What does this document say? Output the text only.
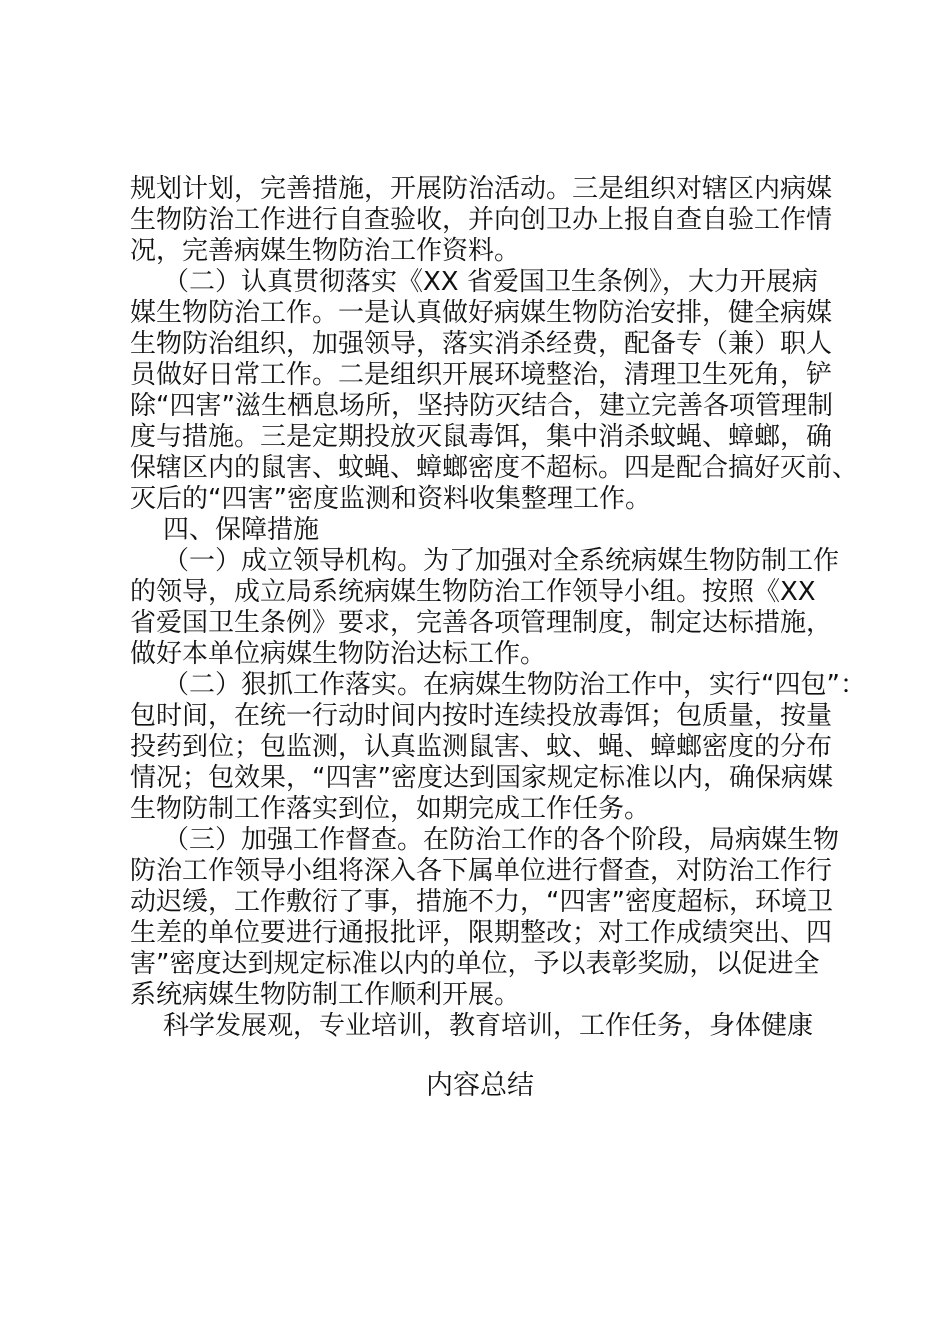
规划计划，完善措施，开展防治活动。三是组织对辖区内病媒
生物防治工作进行自查验收，并向创卫办上报自查自验工作情
况，完善病媒生物防治工作资料。
（二）认真贯彻落实《XX 省爱国卫生条例》，大力开展病
媒生物防治工作。一是认真做好病媒生物防治安排，健全病媒
生物防治组织，加强领导，落实消杀经费，配备专（兼）职人
员做好日常工作。二是组织开展环境整治，清理卫生死角，铲
除“四害”滋生栖息场所，坚持防灭结合，建立完善各项管理制
度与措施。三是定期投放灭鼠毒饵，集中消杀蚊蝇、蟑螂，确
保辖区内的鼠害、蚊蝇、蟑螂密度不超标。四是配合搞好灭前、
灭后的“四害”密度监测和资料收集整理工作。
四、保障措施
（一）成立领导机构。为了加强对全系统病媒生物防制工作
的领导，成立局系统病媒生物防治工作领导小组。按照《XX
省爱国卫生条例》要求，完善各项管理制度，制定达标措施，
做好本单位病媒生物防治达标工作。
（二）狠抓工作落实。在病媒生物防治工作中，实行“四包”：
包时间，在统一行动时间内按时连续投放毒饵；包质量，按量
投药到位；包监测，认真监测鼠害、蚊、蝇、蟑螂密度的分布
情况；包效果，“四害”密度达到国家规定标准以内，确保病媒
生物防制工作落实到位，如期完成工作任务。
（三）加强工作督查。在防治工作的各个阶段，局病媒生物
防治工作领导小组将深入各下属单位进行督查，对防治工作行
动迟缓，工作敷衍了事，措施不力，“四害”密度超标，环境卫
生差的单位要进行通报批评，限期整改；对工作成绩突出、四
害”密度达到规定标准以内的单位，予以表彰奖励，以促进全
系统病媒生物防制工作顺利开展。
科学发展观，专业培训，教育培训，工作任务，身体健康
内容总结
